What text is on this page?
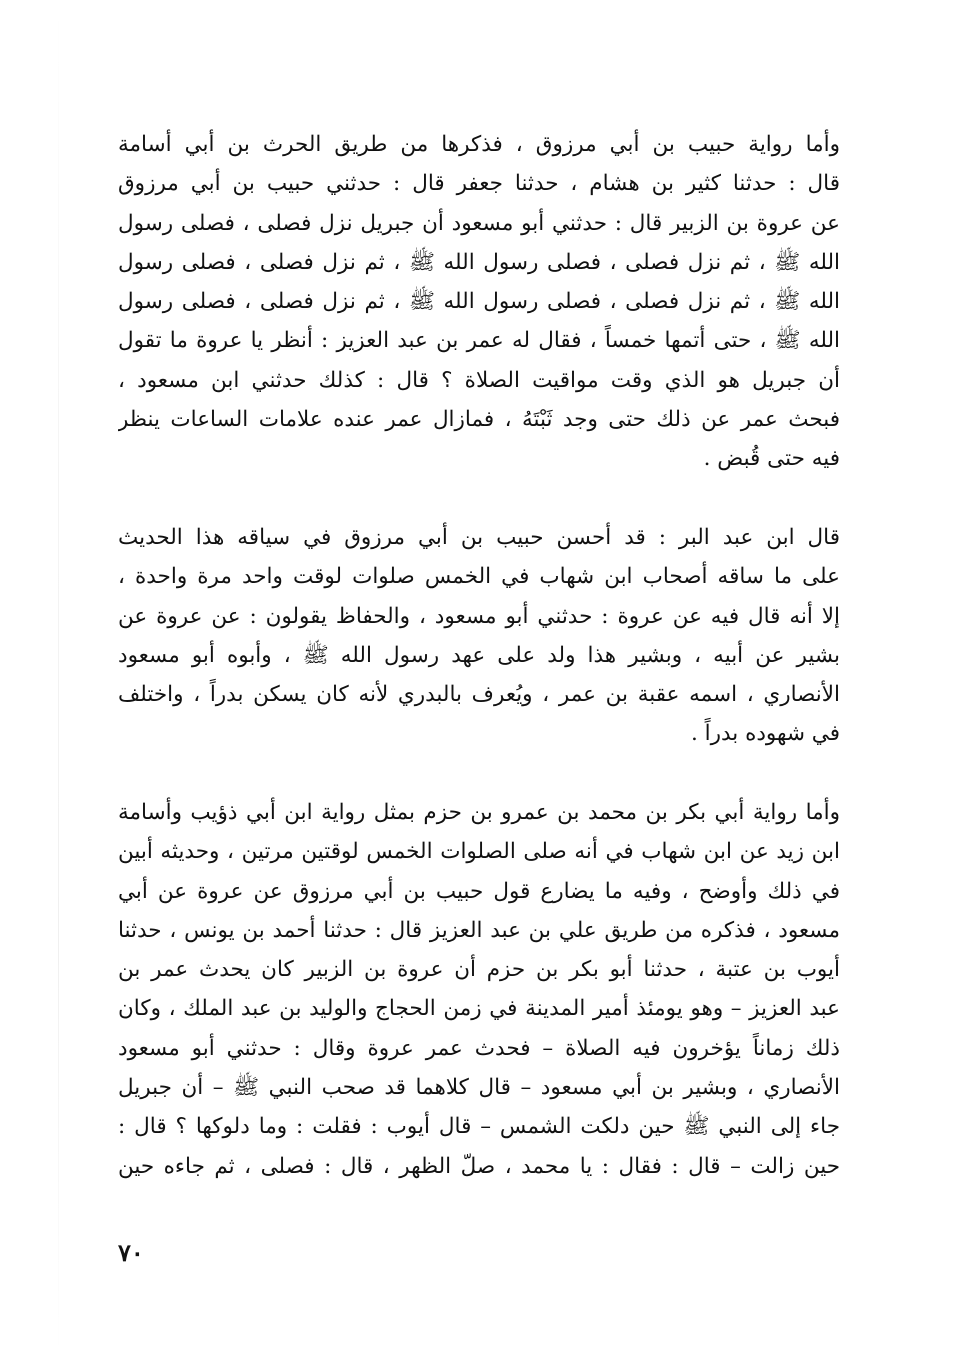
وأما رواية حبيب بن أبي مرزوق ، فذكرها من طريق الحرث بن أبي أسامة
قال : حدثنا كثير بن هشام ، حدثنا جعفر قال : حدثني حبيب بن أبي مرزوق
عن عروة بن الزبير قال : حدثني أبو مسعود أن جبريل نزل فصلى ، فصلى رسول
الله ﷺ ، ثم نزل فصلى ، فصلى رسول الله ﷺ ، ثم نزل فصلى ، فصلى رسول
الله ﷺ ، ثم نزل فصلى ، فصلى رسول الله ﷺ ، ثم نزل فصلى ، فصلى رسول
الله ﷺ ، حتى أتمها خمساً ، فقال له عمر بن عبد العزيز : أنظر يا عروة ما تقول
أن جبريل هو الذي وقت مواقيت الصلاة ؟ قال : كذلك حدثني ابن مسعود ،
فبحث عمر عن ذلك حتى وجد ثَبْتَهُ ، فمازال عمر عنده علامات الساعات ينظر
فيه حتى قُبض .
قال ابن عبد البر : قد أحسن حبيب بن أبي مرزوق في سياقه هذا الحديث
على ما ساقه أصحاب ابن شهاب في الخمس صلوات لوقت واحد مرة واحدة ،
إلا أنه قال فيه عن عروة : حدثني أبو مسعود ، والحفاظ يقولون : عن عروة عن
بشير عن أبيه ، وبشير هذا ولد على عهد رسول الله ﷺ ، وأبوه أبو مسعود
الأنصاري ، اسمه عقبة بن عمر ، ويُعرف بالبدري لأنه كان يسكن بدراً ، واختلف
في شهوده بدراً .
وأما رواية أبي بكر بن محمد بن عمرو بن حزم بمثل رواية ابن أبي ذؤيب وأسامة
ابن زيد عن ابن شهاب في أنه صلى الصلوات الخمس لوقتين مرتين ، وحديثه أبين
في ذلك وأوضح ، وفيه ما يضارع قول حبيب بن أبي مرزوق عن عروة عن أبي
مسعود ، فذكره من طريق علي بن عبد العزيز قال : حدثنا أحمد بن يونس ، حدثنا
أيوب بن عتبة ، حدثنا أبو بكر بن حزم أن عروة بن الزبير كان يحدث عمر بن
عبد العزيز – وهو يومئذ أمير المدينة في زمن الحجاج والوليد بن عبد الملك ، وكان
ذلك زماناً يؤخرون فيه الصلاة – فحدث عمر عروة وقال : حدثني أبو مسعود
الأنصاري ، وبشير بن أبي مسعود – قال كلاهما قد صحب النبي ﷺ – أن جبريل
جاء إلى النبي ﷺ حين دلكت الشمس – قال أيوب : فقلت : وما دلوكها ؟ قال :
حين زالت – قال : فقال : يا محمد ، صلّ الظهر ، قال : فصلى ، ثم جاءه حين
٧٠
